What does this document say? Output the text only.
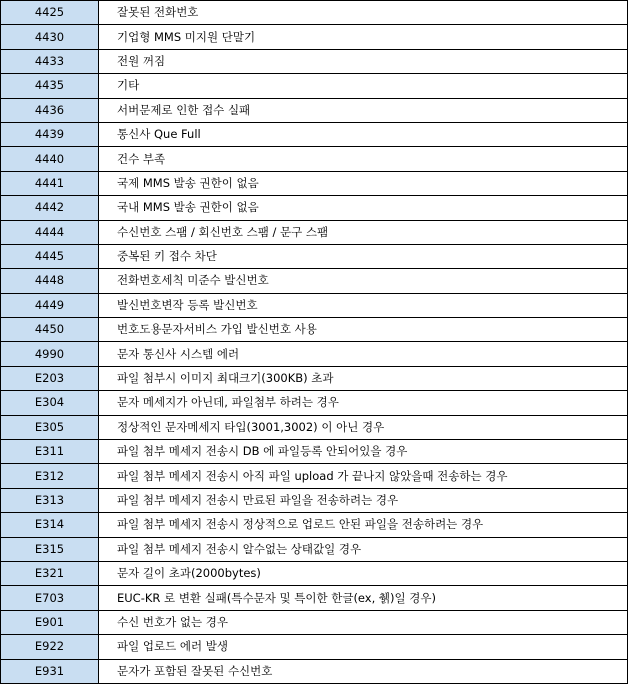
4425	잘못된 전화번호
4430	기업형 MMS 미지원 단말기
4433	전원 꺼짐
4435	기타
4436	서버문제로 인한 접수 실패
4439	통신사 Que Full
4440	건수 부족
4441	국제 MMS 발송 권한이 없음
4442	국내 MMS 발송 권한이 없음
4444	수신번호 스팸 / 회신번호 스팸 / 문구 스팸
4445	중복된 키 접수 차단
4448	전화번호세칙 미준수 발신번호
4449	발신번호변작 등록 발신번호
4450	번호도용문자서비스 가입 발신번호 사용
4990	문자 통신사 시스템 에러
E203	파일 첨부시 이미지 최대크기(300KB) 초과
E304	문자 메세지가 아닌데, 파일첨부 하려는 경우
E305	정상적인 문자메세지 타입(3001,3002) 이 아닌 경우
E311	파일 첨부 메세지 전송시 DB 에 파일등록 안되어있을 경우
E312	파일 첨부 메세지 전송시 아직 파일 upload 가 끝나지 않았을때 전송하는 경우
E313	파일 첨부 메세지 전송시 만료된 파일을 전송하려는 경우
E314	파일 첨부 메세지 전송시 정상적으로 업로드 안된 파일을 전송하려는 경우
E315	파일 첨부 메세지 전송시 알수없는 상태값일 경우
E321	문자 길이 초과(2000bytes)
E703	EUC-KR 로 변환 실패(특수문자 및 특이한 한글(ex, 췕)일 경우)
E901	수신 번호가 없는 경우
E922	파일 업로드 에러 발생
E931	문자가 포함된 잘못된 수신번호
